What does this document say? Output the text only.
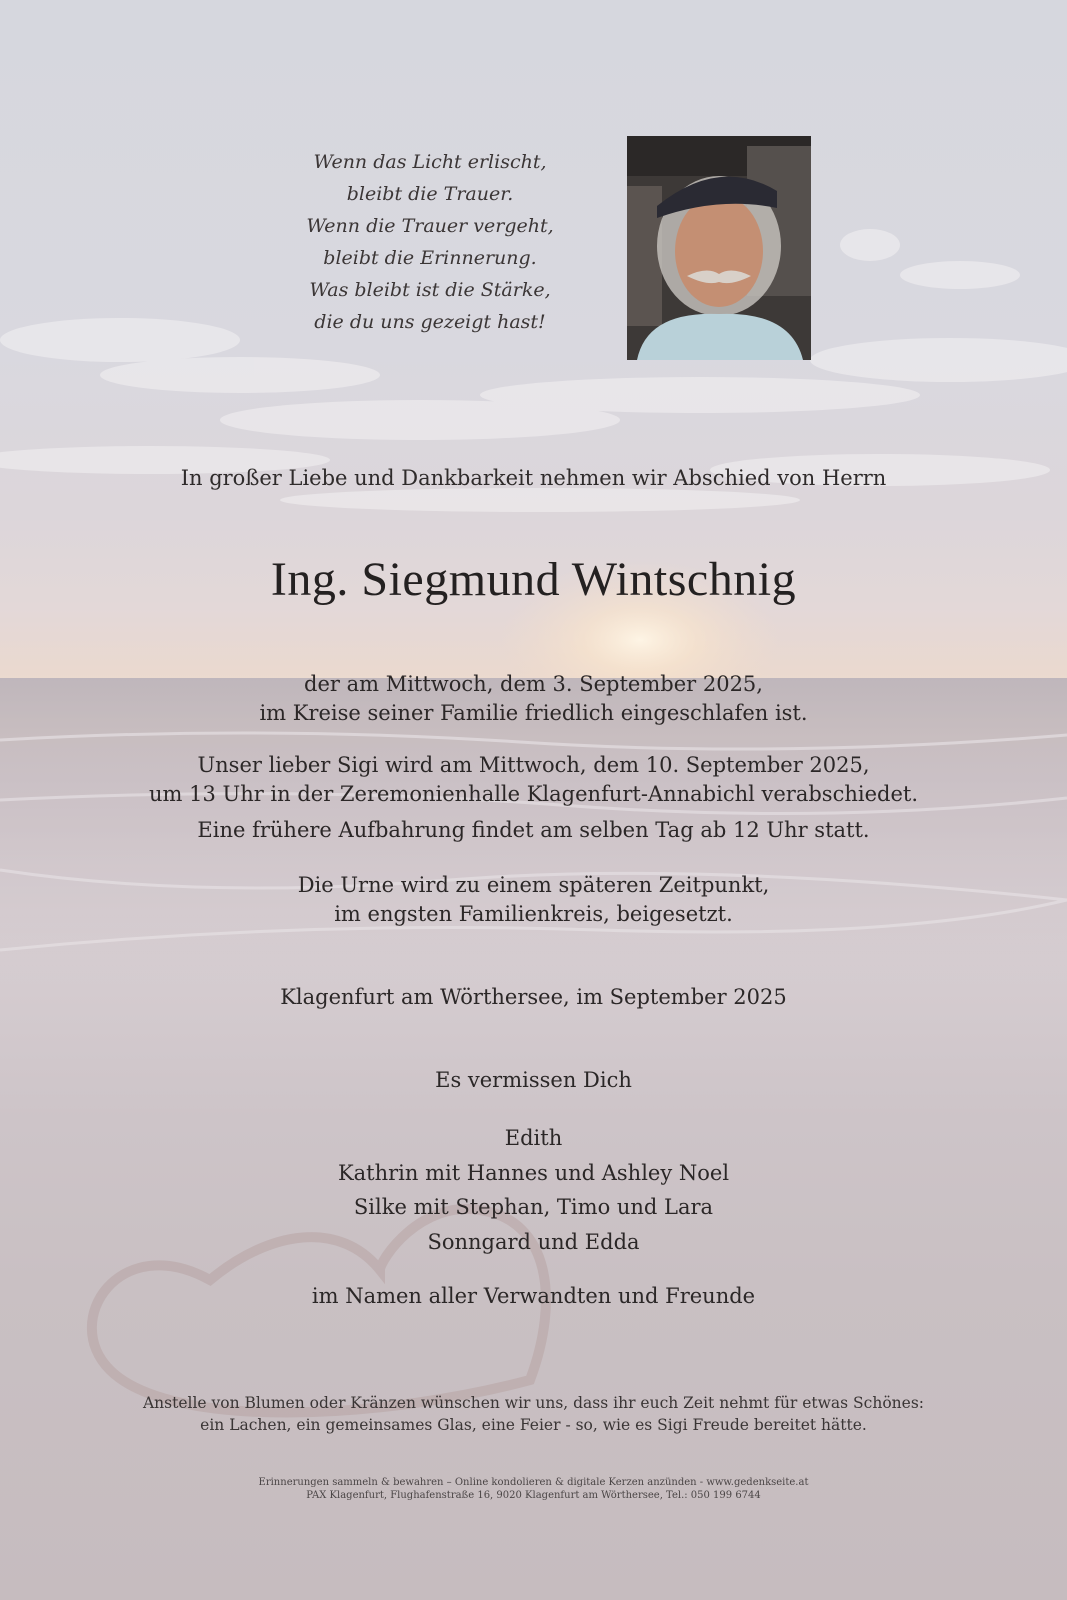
Wenn das Licht erlischt,
bleibt die Trauer.
Wenn die Trauer vergeht,
bleibt die Erinnerung.
Was bleibt ist die Stärke,
die du uns gezeigt hast!
In großer Liebe und Dankbarkeit nehmen wir Abschied von Herrn
Ing. Siegmund Wintschnig
der am Mittwoch, dem 3. September 2025,
im Kreise seiner Familie friedlich eingeschlafen ist.
Unser lieber Sigi wird am Mittwoch, dem 10. September 2025,
um 13 Uhr in der Zeremonienhalle Klagenfurt-Annabichl verabschiedet.
Eine frühere Aufbahrung findet am selben Tag ab 12 Uhr statt.
Die Urne wird zu einem späteren Zeitpunkt,
im engsten Familienkreis, beigesetzt.
Klagenfurt am Wörthersee, im September 2025
Es vermissen Dich
Edith
Kathrin mit Hannes und Ashley Noel
Silke mit Stephan, Timo und Lara
Sonngard und Edda
im Namen aller Verwandten und Freunde
Anstelle von Blumen oder Kränzen wünschen wir uns, dass ihr euch Zeit nehmt für etwas Schönes:
ein Lachen, ein gemeinsames Glas, eine Feier - so, wie es Sigi Freude bereitet hätte.
Erinnerungen sammeln & bewahren – Online kondolieren & digitale Kerzen anzünden - www.gedenkseite.at
PAX Klagenfurt, Flughafenstraße 16, 9020 Klagenfurt am Wörthersee, Tel.: 050 199 6744
